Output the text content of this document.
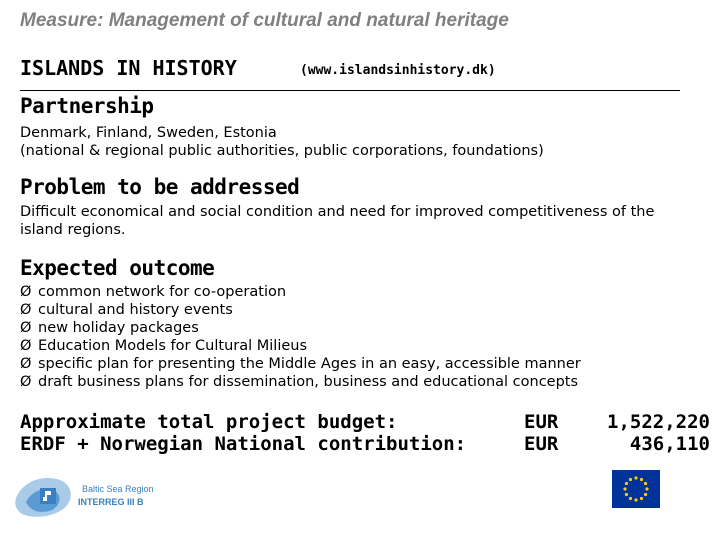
Measure: Management of cultural and natural heritage
ISLANDS IN HISTORY	(www.islandsinhistory.dk)
Partnership
Denmark, Finland, Sweden, Estonia
(national & regional public authorities, public corporations, foundations)
Problem to be addressed
Difficult economical and social condition and need for improved competitiveness of the island regions.
Expected outcome
Ø common network for co-operation
Ø cultural and history events
Ø new holiday packages
Ø Education Models for Cultural Milieus
Ø specific plan for presenting the Middle Ages in an easy, accessible manner
Ø draft business plans for dissemination, business and educational concepts
Approximate total project budget:
ERDF + Norwegian National contribution:
EUR
EUR
1,522,220
436,110
Baltic Sea Region
INTERREG III B
